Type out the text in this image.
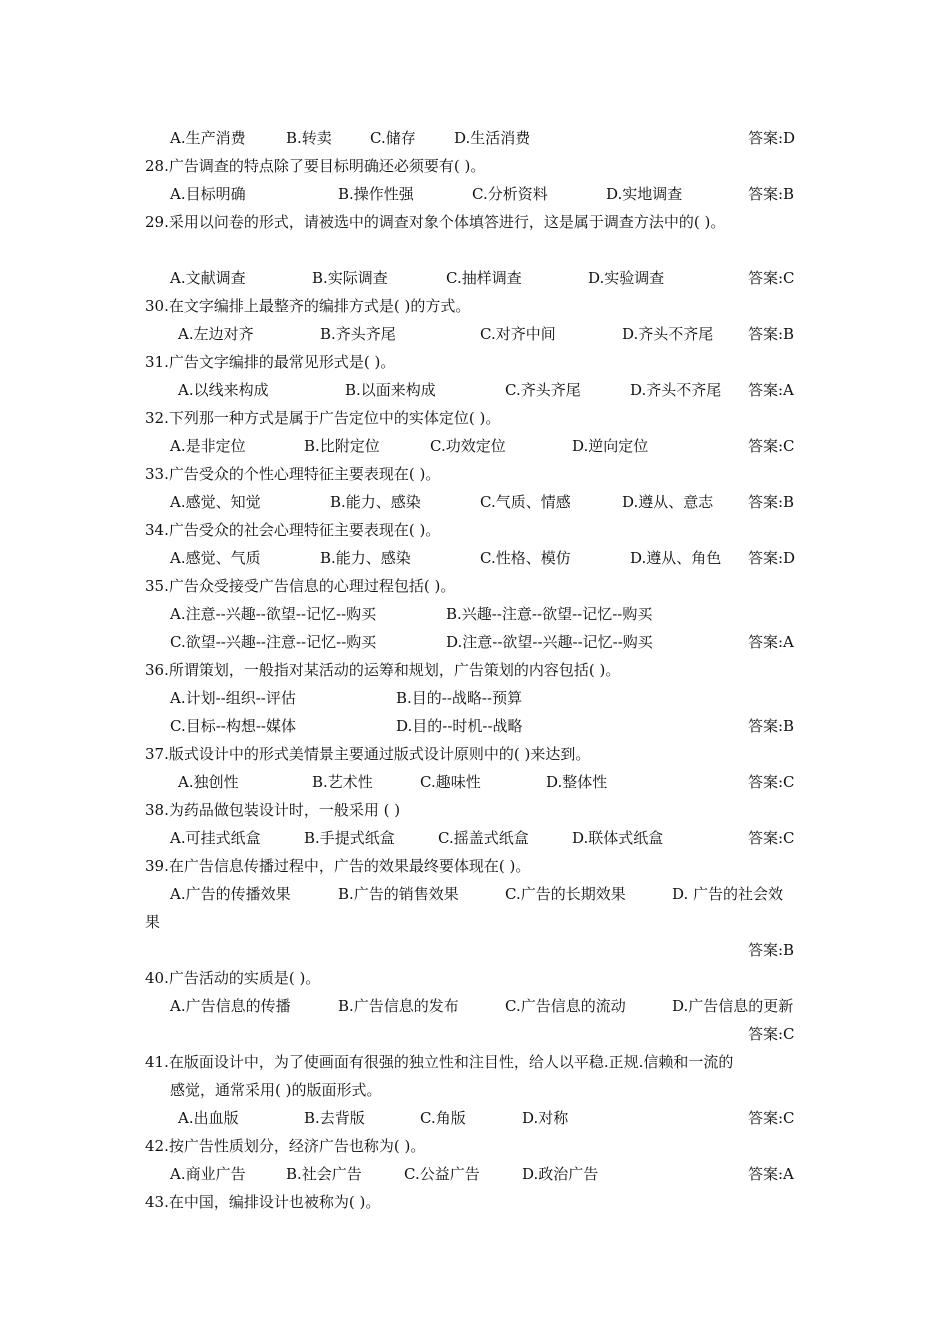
A.生产消费	B.转卖	C.储存	D.生活消费	答案:D
28.广告调查的特点除了要目标明确还必须要有( )。
A.目标明确	B.操作性强	C.分析资料	D.实地调查	答案:B
29.采用以问卷的形式，请被选中的调查对象个体填答进行，这是属于调查方法中的( )。
A.文献调查	B.实际调查	C.抽样调查	D.实验调查	答案:C
30.在文字编排上最整齐的编排方式是( )的方式。
A.左边对齐	B.齐头齐尾	C.对齐中间	D.齐头不齐尾 答案:B
31.广告文字编排的最常见形式是( )。
A.以线来构成	B.以面来构成	C.齐头齐尾	D.齐头不齐尾 答案:A
32.下列那一种方式是属于广告定位中的实体定位( )。
A.是非定位	B.比附定位	C.功效定位	D.逆向定位	答案:C
33.广告受众的个性心理特征主要表现在( )。
A.感觉、知觉	B.能力、感染	C.气质、情感	D.遵从、意志 答案:B
34.广告受众的社会心理特征主要表现在( )。
A.感觉、气质	B.能力、感染	C.性格、模仿	D.遵从、角色 答案:D
35.广告众受接受广告信息的心理过程包括( )。
A.注意--兴趣--欲望--记忆--购买	B.兴趣--注意--欲望--记忆--购买
C.欲望--兴趣--注意--记忆--购买	D.注意--欲望--兴趣--记忆--购买	答案:A
36.所谓策划，一般指对某活动的运筹和规划，广告策划的内容包括( )。
A.计划--组织--评估	B.目的--战略--预算
C.目标--构想--媒体	D.目的--时机--战略	答案:B
37.版式设计中的形式美情景主要通过版式设计原则中的( )来达到。
A.独创性	B.艺术性	C.趣味性	D.整体性	答案:C
38.为药品做包装设计时，一般采用 ( )
A.可挂式纸盒	B.手提式纸盒	C.摇盖式纸盒	D.联体式纸盒	答案:C
39.在广告信息传播过程中，广告的效果最终要体现在( )。
A.广告的传播效果	B.广告的销售效果	C.广告的长期效果	D. 广告的社会效
果
答案:B
40.广告活动的实质是( )。
A.广告信息的传播	B.广告信息的发布	C.广告信息的流动	D.广告信息的更新
答案:C
41.在版面设计中，为了使画面有很强的独立性和注目性，给人以平稳.正规.信赖和一流的
感觉，通常采用( )的版面形式。
A.出血版	B.去背版	C.角版	D.对称	答案:C
42.按广告性质划分，经济广告也称为( )。
A.商业广告	B.社会广告	C.公益广告	D.政治广告	答案:A
43.在中国，编排设计也被称为( )。
